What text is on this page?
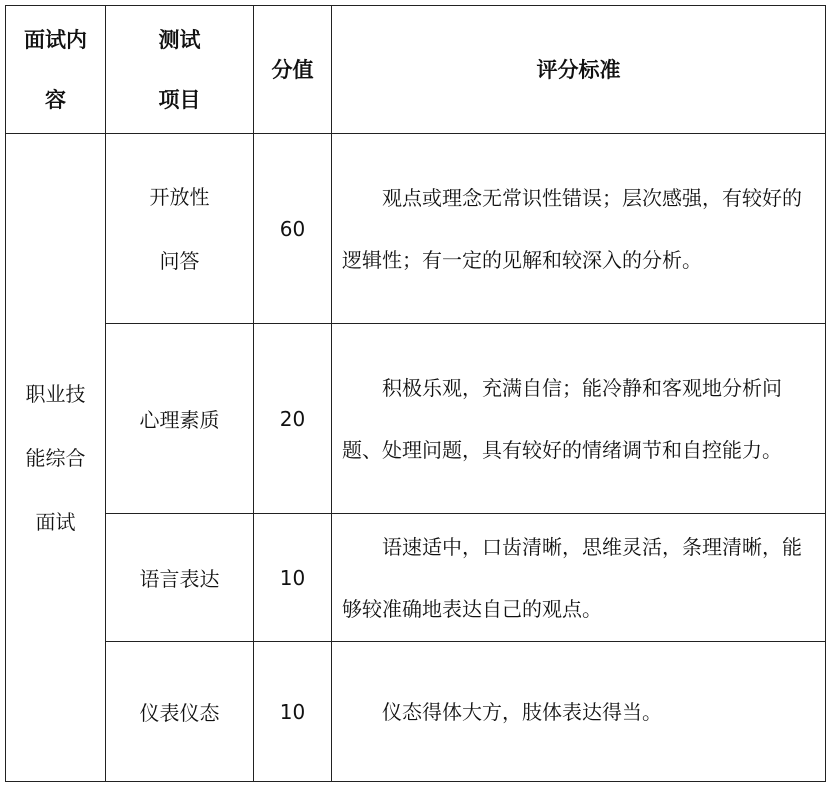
面试内容	测试项目	分值	评分标准

职业技能综合面试	开放性问答	60	观点或理念无常识性错误；层次感强，有较好的逻辑性；有一定的见解和较深入的分析。
	心理素质	20	积极乐观，充满自信；能冷静和客观地分析问题、处理问题，具有较好的情绪调节和自控能力。
	语言表达	10	语速适中，口齿清晰，思维灵活，条理清晰，能够较准确地表达自己的观点。
	仪表仪态	10	仪态得体大方，肢体表达得当。
